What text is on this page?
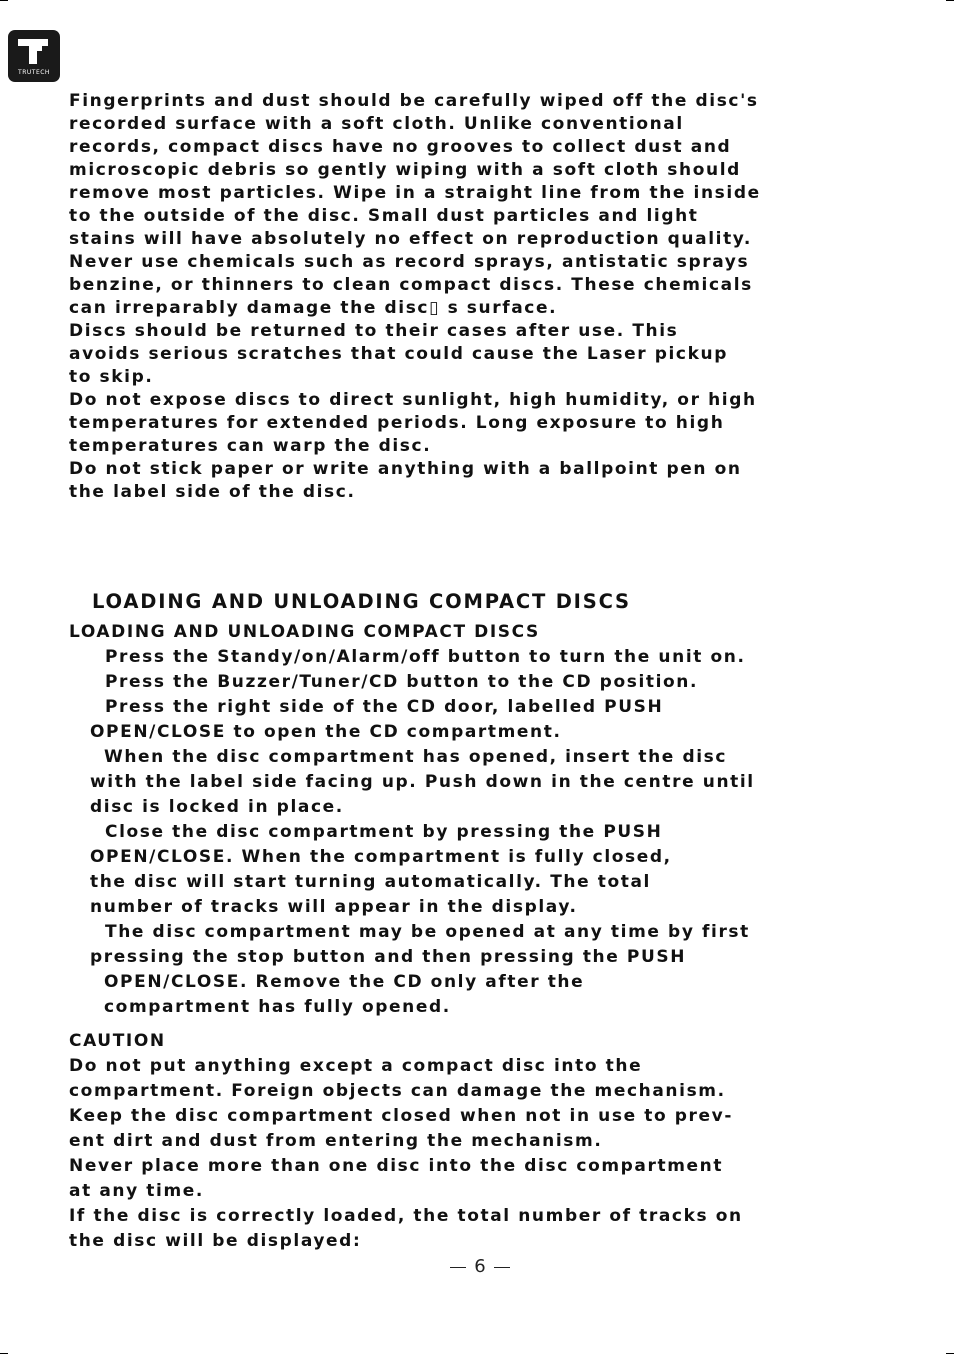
TRUTECH
Fingerprints and dust should be carefully wiped off the disc's
recorded surface with a soft cloth. Unlike conventional
records, compact discs have no grooves to collect dust and
microscopic debris so gently wiping with a soft cloth should
remove most particles. Wipe in a straight line from the inside
to the outside of the disc. Small dust particles and light
stains will have absolutely no effect on reproduction quality.
Never use chemicals such as record sprays, antistatic sprays
benzine, or thinners to clean compact discs. These chemicals
can irreparably damage the disc▯ s surface.
Discs should be returned to their cases after use. This
avoids serious scratches that could cause the Laser pickup
to skip.
Do not expose discs to direct sunlight, high humidity, or high
temperatures for extended periods. Long exposure to high
temperatures can warp the disc.
Do not stick paper or write anything with a ballpoint pen on
the label side of the disc.
LOADING AND UNLOADING COMPACT DISCS
LOADING AND UNLOADING COMPACT DISCS
Press the Standy/on/Alarm/off button to turn the unit on.
Press the Buzzer/Tuner/CD button to the CD position.
Press the right side of the CD door, labelled PUSH
OPEN/CLOSE to open the CD compartment.
When the disc compartment has opened, insert the disc
with the label side facing up. Push down in the centre until
disc is locked in place.
Close the disc compartment by pressing the PUSH
OPEN/CLOSE. When the compartment is fully closed,
the disc will start turning automatically. The total
number of tracks will appear in the display.
The disc compartment may be opened at any time by first
pressing the stop button and then pressing the PUSH
OPEN/CLOSE. Remove the CD only after the
compartment has fully opened.
CAUTION
Do not put anything except a compact disc into the
compartment. Foreign objects can damage the mechanism.
Keep the disc compartment closed when not in use to prev-
ent dirt and dust from entering the mechanism.
Never place more than one disc into the disc compartment
at any time.
If the disc is correctly loaded, the total number of tracks on
the disc will be displayed:
6
